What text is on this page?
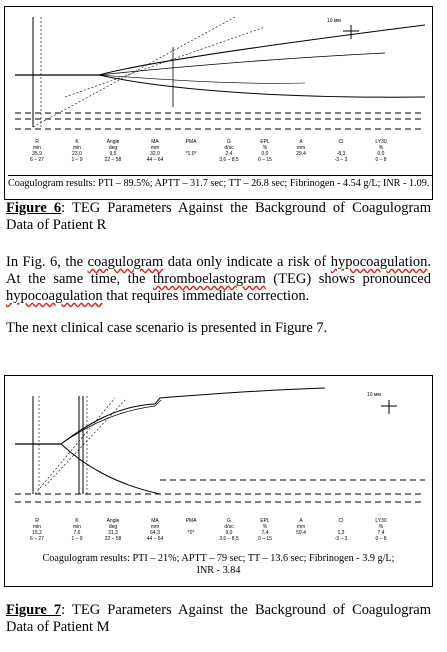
10 мм
R
min
35,9
6 – 27
K
min
23,0
1 – 9
Angle
deg
9,5
22 – 58
MA
mm
32,0
44 – 64
PMA

*1.0*

G
d/sc
2,4
3,6 – 8,5
EPL
%
0,0
0 – 15
A
mm
29,4

CI

-8,3
-3 – 3
LY30
%
0,0
0 – 8
Coagulogram results: PTI – 89.5%; APTT – 31.7 sec; TT – 26.8 sec; Fibrinogen - 4.54 g/L; INR - 1.09.
Figure 6: TEG Parameters Against the Background of Coagulogram Data of Patient R
In Fig. 6, the coagulogram data only indicate a risk of hypocoagulation. At the same time, the thromboelastogram (TEG) shows pronounced hypocoagulation that requires immediate correction.
The next clinical case scenario is presented in Figure 7.
10 мм
R
min
15,2
6 – 27
K
min
7,6
1 – 9
Angle
deg
31,3
22 – 58
MA
mm
64,3
44 – 64
PMA

*0*

G
d/sc
9,0
3,6 – 8,5
EPL
%
7,4
0 – 15
A
mm
59,4

CI

1,3
-3 – 3
LY30
%
7,4
0 – 8
Coagulogram results: PTI – 21%; APTT – 79 sec; TT – 13.6 sec; Fibrinogen - 3.9 g/L;
INR - 3.84
Figure 7: TEG Parameters Against the Background of Coagulogram Data of Patient M
